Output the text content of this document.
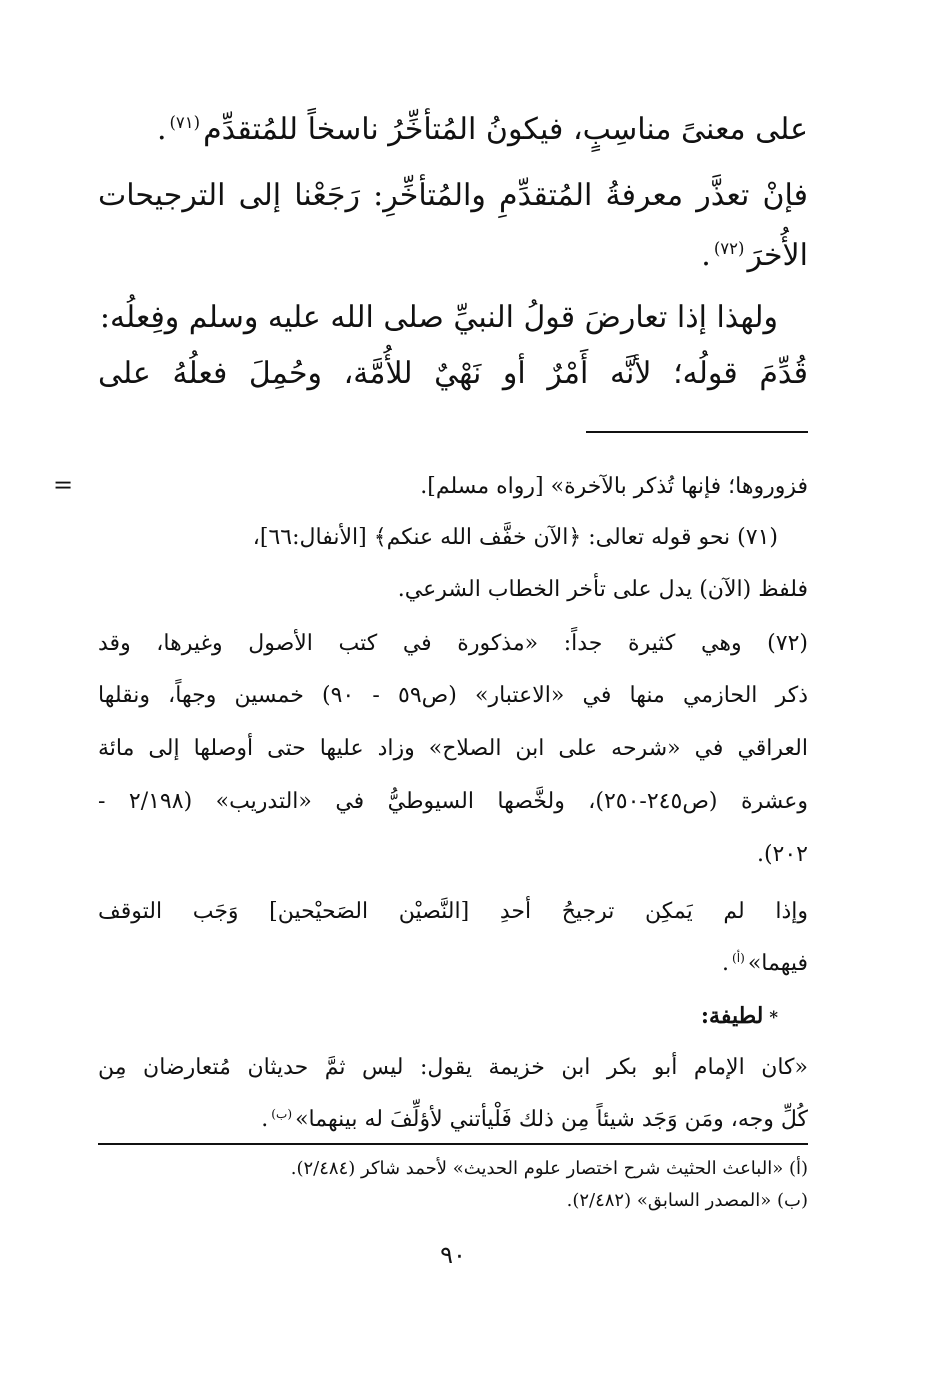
على معنىً مناسِبٍ، فيكونُ المُتأخِّرُ ناسخاً للمُتقدِّم$^{(٧١)}$.
فإنْ تعذَّر معرفةُ المُتقدِّمِ والمُتأخِّرِ: رَجَعْنا إلى الترجيحات
الأُخرَ$^{(٧٢)}$.
ولهذا إذا تعارضَ قولُ النبيِّ صلى الله عليه وسلم وفِعلُه:
قُدِّمَ قولُه؛ لأنَّه أَمْرٌ أو نَهْيٌ للأُمَّة، وحُمِلَ فعلُهُ على
=	فزوروها؛ فإنها تُذكر بالآخرة» [رواه مسلم].
(٧١) نحو قوله تعالى: ﴿الآن خفَّف الله عنكم﴾ [الأنفال:٦٦]،
فلفظ (الآن) يدل على تأخر الخطاب الشرعي.
(٧٢) وهي كثيرة جداً: «مذكورة في كتب الأصول وغيرها، وقد
ذكر الحازمي منها في «الاعتبار» (ص٥٩ - ٩٠) خمسين وجهاً، ونقلها
العراقي في «شرحه على ابن الصلاح» وزاد عليها حتى أوصلها إلى مائة
وعشرة (ص٢٤٥-٢٥٠)، ولخَّصها السيوطيُّ في «التدريب» (٢/١٩٨ -
٢٠٢).
وإذا لم يَمكِن ترجيحُ أحدِ [النَّصيْن الصَحيْحين] وَجَب التوقف
فيهما»$^{(أ)}$.
*لطيفة:
«كان الإمام أبو بكر ابن خزيمة يقول: ليس ثمَّ حديثان مُتعارضان مِن
كُلِّ وجه، ومَن وَجَد شيئاً مِن ذلك فَلْيأتني لأؤلِّفَ له بينهما»$^{(ب)}$.
(أ) «الباعث الحثيث شرح اختصار علوم الحديث» لأحمد شاكر (٢/٤٨٤).
(ب) «المصدر السابق» (٢/٤٨٢).
٩٠
